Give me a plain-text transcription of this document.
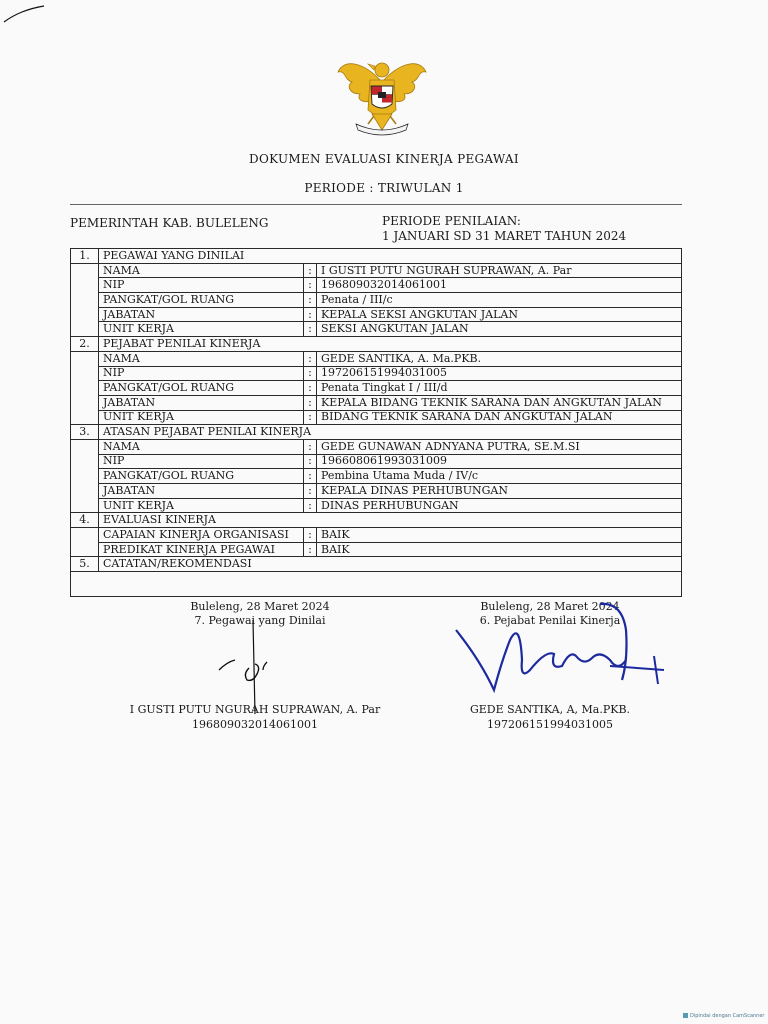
DOKUMEN EVALUASI KINERJA PEGAWAI
PERIODE : TRIWULAN 1
PEMERINTAH KAB. BULELENG	PERIODE PENILAIAN:
1 JANUARI SD 31 MARET TAHUN 2024
1.	PEGAWAI YANG DINILAI		
	NAMA	:	I GUSTI PUTU NGURAH SUPRAWAN, A. Par
	NIP	:	196809032014061001
	PANGKAT/GOL RUANG	:	Penata / III/c
	JABATAN	:	KEPALA SEKSI ANGKUTAN JALAN
	UNIT KERJA	:	SEKSI ANGKUTAN JALAN
2.	PEJABAT PENILAI KINERJA		
	NAMA	:	GEDE SANTIKA, A. Ma.PKB.
	NIP	:	197206151994031005
	PANGKAT/GOL RUANG	:	Penata Tingkat I / III/d
	JABATAN	:	KEPALA BIDANG TEKNIK SARANA DAN ANGKUTAN JALAN
	UNIT KERJA	:	BIDANG TEKNIK SARANA DAN ANGKUTAN JALAN
3.	ATASAN PEJABAT PENILAI KINERJA		
	NAMA	:	GEDE GUNAWAN ADNYANA PUTRA, SE.M.SI
	NIP	:	196608061993031009
	PANGKAT/GOL RUANG	:	Pembina Utama Muda / IV/c
	JABATAN	:	KEPALA DINAS PERHUBUNGAN
	UNIT KERJA	:	DINAS PERHUBUNGAN
4.	EVALUASI KINERJA		
	CAPAIAN KINERJA ORGANISASI	:	BAIK
	PREDIKAT KINERJA PEGAWAI	:	BAIK
5.	CATATAN/REKOMENDASI		

Buleleng, 28 Maret 2024
7. Pegawai yang Dinilai
Buleleng, 28 Maret 2024
6. Pejabat Penilai Kinerja
I GUSTI PUTU NGURAH SUPRAWAN, A. Par
196809032014061001
GEDE SANTIKA, A, Ma.PKB.
197206151994031005
Dipindai dengan CamScanner
